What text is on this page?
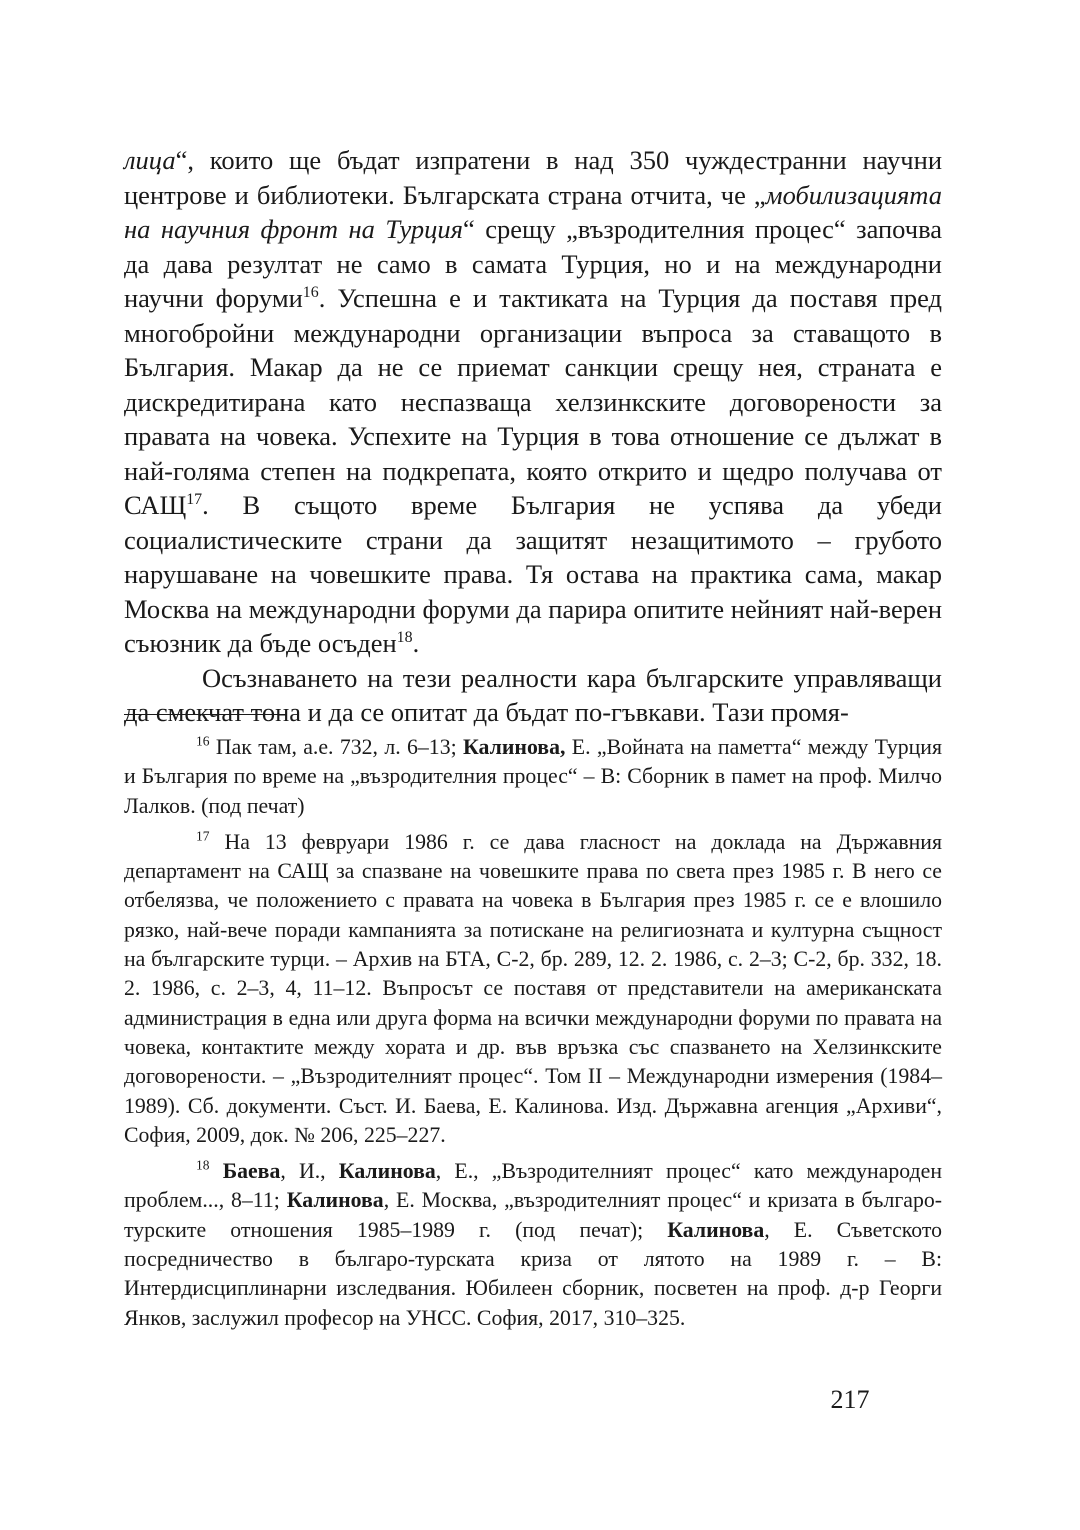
лица“, които ще бъдат изпратени в над 350 чуждестранни научни центрове и библиотеки. Българската страна отчита, че „мобилизацията на научния фронт на Турция“ срещу „възродителния процес“ започва да дава резултат не само в самата Турция, но и на международни научни форуми$^{16}$. Успешна е и тактиката на Турция да поставя пред многобройни международни организации въпроса за ставащото в България. Макар да не се приемат санкции срещу нея, страната е дискредитирана като неспазваща хелзинкските договорености за правата на човека. Успехите на Турция в това отношение се дължат в най-голяма степен на подкрепата, която открито и щедро получава от САЩ$^{17}$. В същото време България не успява да убеди социалистическите страни да защитят незащитимото – грубото нарушаване на човешките права. Тя остава на практика сама, макар Москва на международни форуми да парира опитите нейният най-верен съюзник да бъде осъден$^{18}$.

Осъзнаването на тези реалности кара българските управляващи да смекчат тона и да се опитат да бъдат по-гъвкави. Тази промя-

$^{16}$ Пак там, а.е. 732, л. 6–13; Калинова, Е. „Войната на паметта“ между Турция и България по време на „възродителния процес“ – В: Сборник в памет на проф. Милчо Лалков. (под печат)

$^{17}$ На 13 февруари 1986 г. се дава гласност на доклада на Държавния департамент на САЩ за спазване на човешките права по света през 1985 г. В него се отбелязва, че положението с правата на човека в България през 1985 г. се е влошило рязко, най-вече поради кампанията за потискане на религиозната и културна същност на българските турци. – Архив на БТА, С-2, бр. 289, 12. 2. 1986, с. 2–3; С-2, бр. 332, 18. 2. 1986, с. 2–3, 4, 11–12. Въпросът се поставя от представители на американската администрация в една или друга форма на всички международни форуми по правата на човека, контактите между хората и др. във връзка със спазването на Хелзинкските договорености. – „Възродителният процес“. Том II – Международни измерения (1984–1989). Сб. документи. Съст. И. Баева, Е. Калинова. Изд. Държавна агенция „Архиви“, София, 2009, док. № 206, 225–227.

$^{18}$ Баева, И., Калинова, Е., „Възродителният процес“ като международен проблем..., 8–11; Калинова, Е. Москва, „възродителният процес“ и кризата в българо-турските отношения 1985–1989 г. (под печат); Калинова, Е. Съветското посредничество в българо-турската криза от лятото на 1989 г. – В: Интердисциплинарни изследвания. Юбилеен сборник, посветен на проф. д-р Георги Янков, заслужил професор на УНСС. София, 2017, 310–325.

217
